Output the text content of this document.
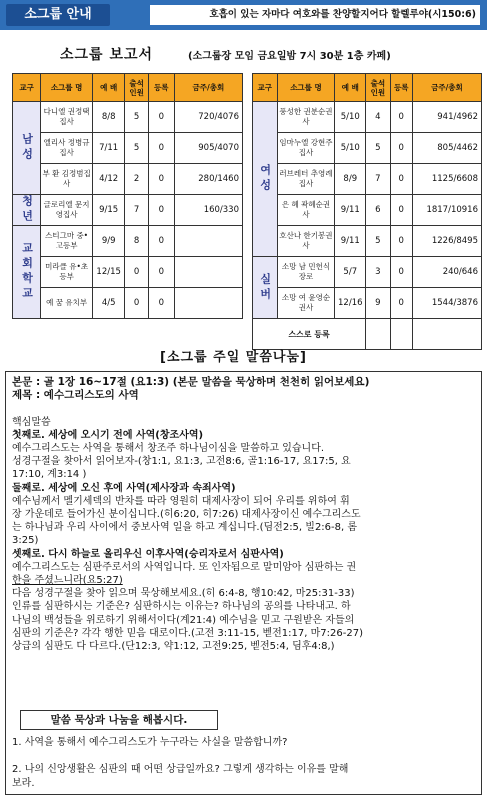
소그룹 안내	호흡이 있는 자마다 여호와를 찬양할지어다 할렐루야(시150:6)
소그룹 보고서	(소그룹장 모임 금요일밤 7시 30분 1층 카페)
교구	소그룹 명	예 배	출석 인원	등록	금주/총회

남성	다니엘 권정택집사	8/8	5	0	720/4076
	엘리사 정병규집사	7/11	5	0	905/4070
	부 환 김정범집사	4/12	2	0	280/1460

청년	글로리엘 문지영집사	9/15	7	0	160/330

교회학교	스티그마 중•고등부	9/9	8	0	
	미라클 유•초등부	12/15	0	0	
	예 꿈 유치부	4/5	0	0	
교구	소그룹 명	예 배	출석 인원	등록	금주/총회

여성	풍성한 권분순권사	5/10	4	0	941/4962
	임마누엘 강현주집사	5/10	5	0	805/4462
	러브레터 추영례집사	8/9	7	0	1125/6608
	은 혜 곽혜순권사	9/11	6	0	1817/10916
	호산나 한기봉권사	9/11	5	0	1226/8495

실버	소망 남 민헌식장로	5/7	3	0	240/646
	소망 여 윤영순권사	12/16	9	0	1544/3876
스스로 등록					
[소그룹 주일 말씀나눔]
본문 : 골 1장 16~17절 (요1:3) (본문 말씀을 묵상하며 천천히 읽어보세요)
제목 : 예수그리스도의 사역
핵심말씀
첫째로. 세상에 오시기 전에 사역(창조사역)
예수그리스도는 사역을 통해서 창조주 하나님이심을 말씀하고 있습니다.
성경구절을 찾아서 읽어보자-(창1:1, 요1:3, 고전8:6, 골1:16-17, 요17:5, 요
17:10, 계3:14 )
둘째로. 세상에 오신 후에 사역(제사장과 속죄사역)
예수님께서 멜기세덱의 반차를 따라 영원히 대제사장이 되어 우리를 위하여 휘
장 가운데로 들어가신 분이십니다.(히6:20, 히7:26) 대제사장이신 예수그리스도
는 하나님과 우리 사이에서 중보사역 일을 하고 계십니다.(딤전2:5, 빌2:6-8, 롬
3:25)
셋째로. 다시 하늘로 올리우신 이후사역(승리자로서 심판사역)
예수그리스도는 심판주로서의 사역입니다. 또 인자됨으로 말미암아 심판하는 권
한을 주셨느니라(요5:27)
다음 성경구절을 찾아 읽으며 묵상해보세요.(히 6:4-8, 행10:42, 마25:31-33)
인류를 심판하시는 기준은? 심판하시는 이유는? 하나님의 공의를 나타내고. 하
나님의 백성들을 위로하기 위해서이다(계21:4) 예수님을 믿고 구원받은 자들의
심판의 기준은? 각각 행한 믿음 대로이다.(고전 3:11-15, 벧전1:17, 마7:26-27)
상급의 심판도 다 다르다.(단12:3, 약1:12, 고전9:25, 벧전5:4, 딤후4:8,)
말씀 묵상과 나눔을 해봅시다.
1. 사역을 통해서 예수그리스도가 누구라는 사실을 말씀합니까?
2. 나의 신앙생활은 심판의 때 어떤 상급일까요? 그렇게 생각하는 이유를 말해
보라.
